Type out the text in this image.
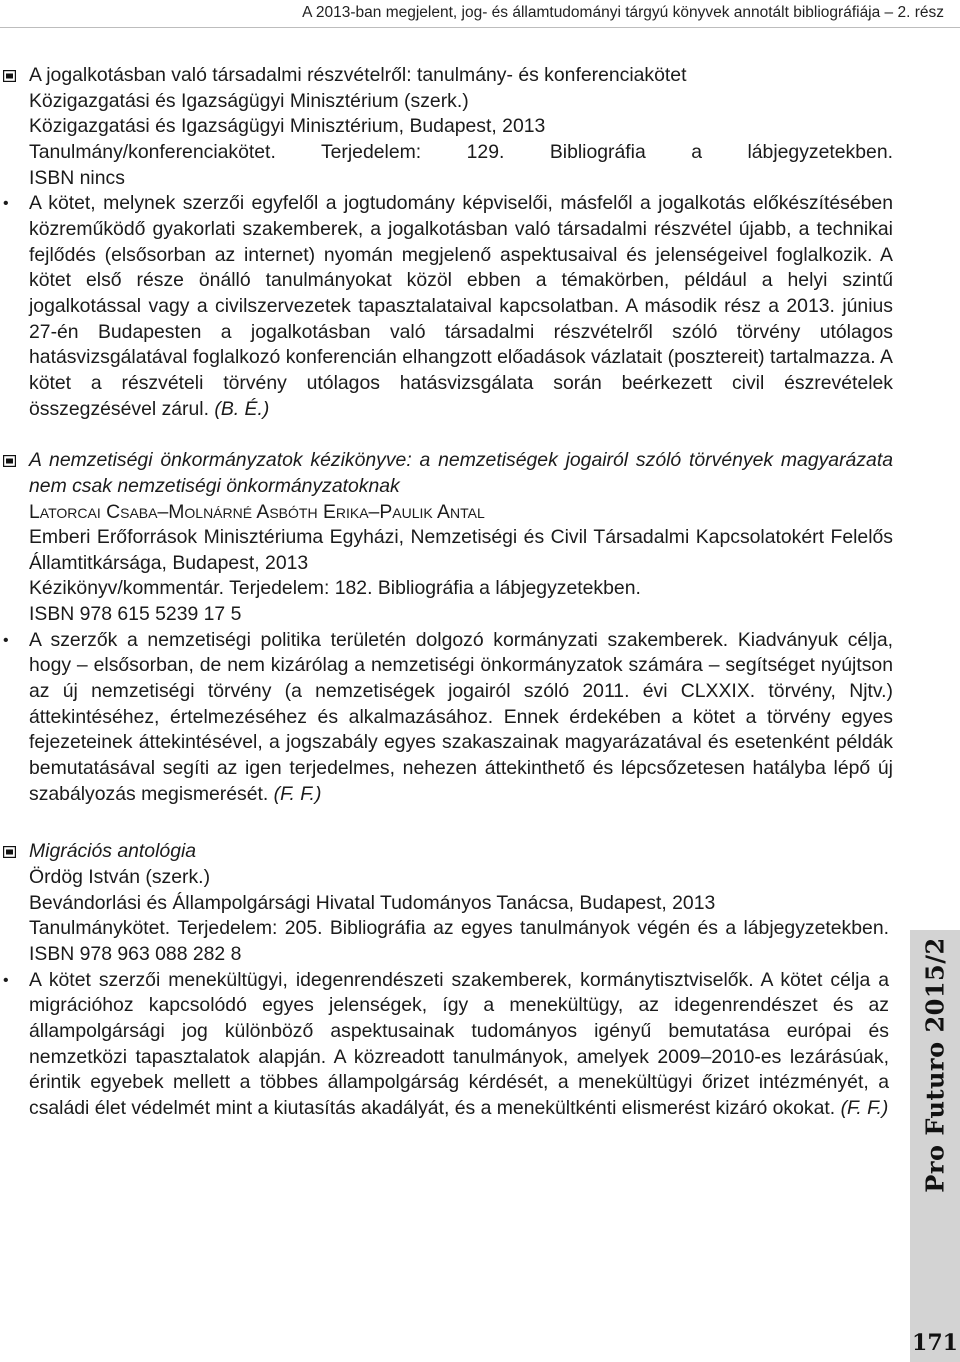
A 2013-ban megjelent, jog- és államtudományi tárgyú könyvek annotált bibliográfiája – 2. rész
A jogalkotásban való társadalmi részvételről: tanulmány- és konferenciakötet
Közigazgatási és Igazságügyi Minisztérium (szerk.)
Közigazgatási és Igazságügyi Minisztérium, Budapest, 2013
Tanulmány/konferenciakötet. Terjedelem: 129. Bibliográfia a lábjegyzetekben.
ISBN nincs
• A kötet, melynek szerzői egyfelől a jogtudomány képviselői, másfelől a jogalkotás előkészítésében közreműködő gyakorlati szakemberek, a jogalkotásban való társadalmi részvétel újabb, a technikai fejlődés (elsősorban az internet) nyomán megjelenő aspektusaival és jelenségeivel foglalkozik. A kötet első része önálló tanulmányokat közöl ebben a témakörben, például a helyi szintű jogalkotással vagy a civilszervezetek tapasztalataival kapcsolatban. A második rész a 2013. június 27-én Budapesten a jogalkotásban való társadalmi részvételről szóló törvény utólagos hatásvizsgálatával foglalkozó konferencián elhangzott előadások vázlatait (posztereit) tartalmazza. A kötet a részvételi törvény utólagos hatásvizsgálata során beérkezett civil észrevételek összegzésével zárul. (B. É.)
A nemzetiségi önkormányzatok kézikönyve: a nemzetiségek jogairól szóló törvények magyarázata nem csak nemzetiségi önkormányzatoknak
Latorcai Csaba–Molnárné Asbóth Erika–Paulik Antal
Emberi Erőforrások Minisztériuma Egyházi, Nemzetiségi és Civil Társadalmi Kapcsolatokért Felelős Államtitkársága, Budapest, 2013
Kézikönyv/kommentár. Terjedelem: 182. Bibliográfia a lábjegyzetekben.
ISBN 978 615 5239 17 5
• A szerzők a nemzetiségi politika területén dolgozó kormányzati szakemberek. Kiadványuk célja, hogy – elsősorban, de nem kizárólag a nemzetiségi önkormányzatok számára – segítséget nyújtson az új nemzetiségi törvény (a nemzetiségek jogairól szóló 2011. évi CLXXIX. törvény, Njtv.) áttekintéséhez, értelmezéséhez és alkalmazásához. Ennek érdekében a kötet a törvény egyes fejezeteinek áttekintésével, a jogszabály egyes szakaszainak magyarázatával és esetenként példák bemutatásával segíti az igen terjedelmes, nehezen áttekinthető és lépcsőzetesen hatályba lépő új szabályozás megismerését. (F. F.)
Migrációs antológia
Ördög István (szerk.)
Bevándorlási és Állampolgársági Hivatal Tudományos Tanácsa, Budapest, 2013
Tanulmánykötet. Terjedelem: 205. Bibliográfia az egyes tanulmányok végén és a lábjegyzetekben. ISBN 978 963 088 282 8
• A kötet szerzői menekültügyi, idegenrendészeti szakemberek, kormánytisztviselők. A kötet célja a migrációhoz kapcsolódó egyes jelenségek, így a menekültügy, az idegenrendészet és az állampolgársági jog különböző aspektusainak tudományos igényű bemutatása európai és nemzetközi tapasztalatok alapján. A közreadott tanulmányok, amelyek 2009–2010-es lezárásúak, érintik egyebek mellett a többes állampolgárság kérdését, a menekültügyi őrizet intézményét, a családi élet védelmét mint a kiutasítás akadályát, és a menekültkénti elismerést kizáró okokat. (F. F.) Pro Futuro 2015/2
171
